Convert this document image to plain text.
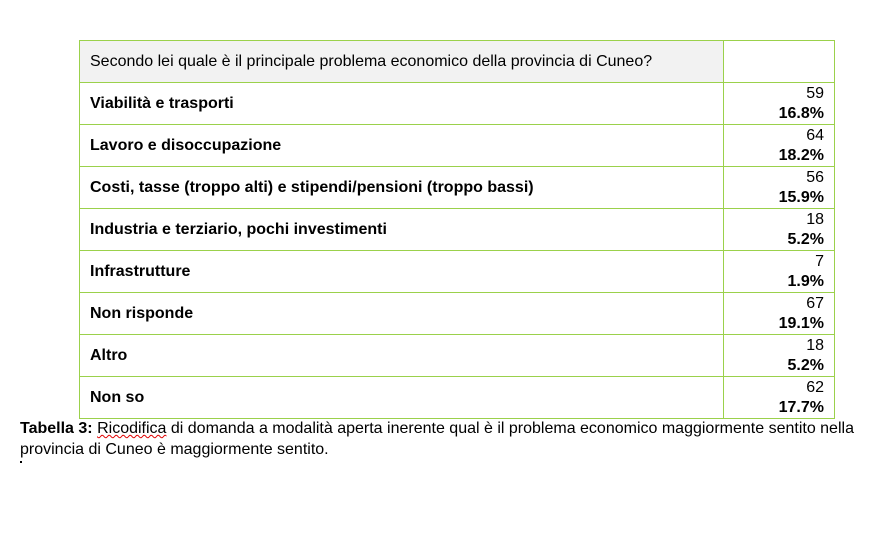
Secondo lei quale è il principale problema economico della provincia di Cuneo?	
Viabilità e trasporti	59
16.8%

Lavoro e disoccupazione	64
18.2%

Costi, tasse (troppo alti) e stipendi/pensioni (troppo bassi)	56
15.9%

Industria e terziario, pochi investimenti	18
5.2%

Infrastrutture	7
1.9%

Non risponde	67
19.1%

Altro	18
5.2%

Non so	62
17.7%
Tabella 3: Ricodifica di domanda a modalità aperta inerente qual è il problema economico maggiormente sentito nella provincia di Cuneo è maggiormente sentito.
